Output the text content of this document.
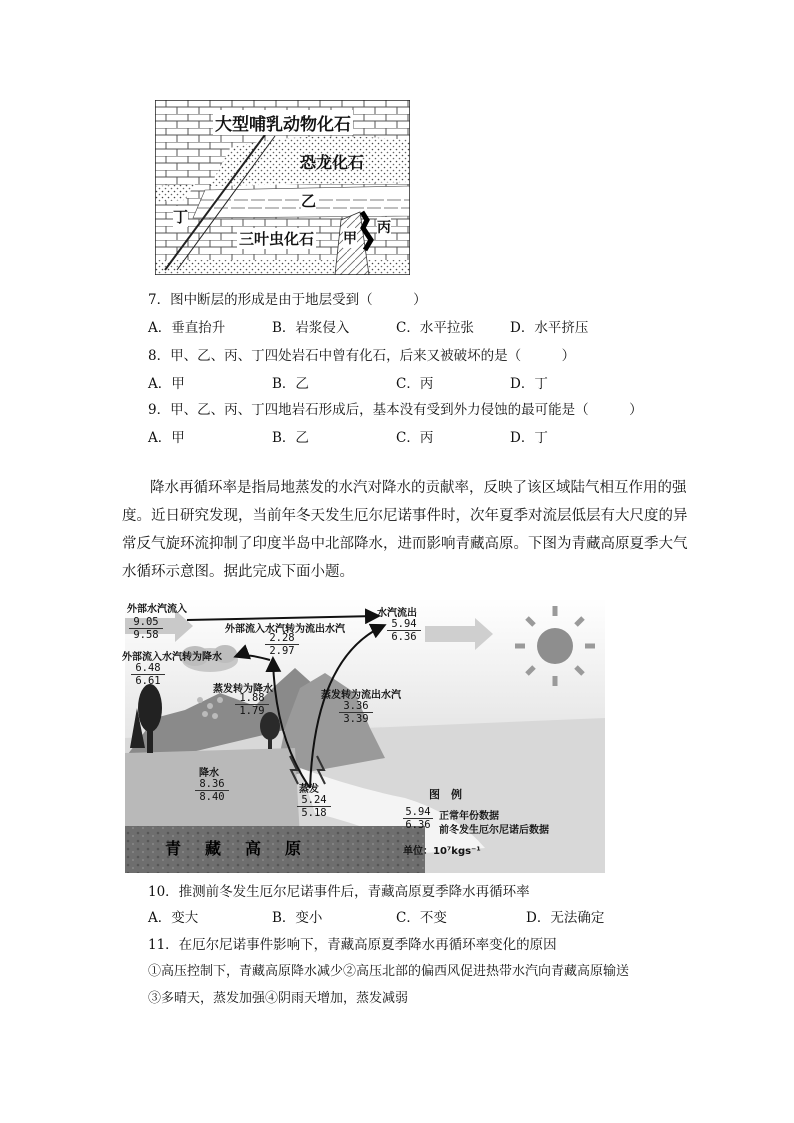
大型哺乳动物化石
恐龙化石
乙
丁
三叶虫化石 甲
丙
7．图中断层的形成是由于地层受到（　　　）
A．垂直抬升	B．岩浆侵入	C．水平拉张	D．水平挤压
8．甲、乙、丙、丁四处岩石中曾有化石，后来又被破坏的是（　　　）
A．甲	B．乙	C．丙	D．丁
9．甲、乙、丙、丁四地岩石形成后，基本没有受到外力侵蚀的最可能是（　　　）
A．甲	B．乙	C．丙	D．丁
降水再循环率是指局地蒸发的水汽对降水的贡献率，反映了该区域陆气相互作用的强度。近日研究发现，当前年冬天发生厄尔尼诺事件时，次年夏季对流层低层有大尺度的异常反气旋环流抑制了印度半岛中北部降水，进而影响青藏高原。下图为青藏高原夏季大气水循环示意图。据此完成下面小题。
外部水汽流入
9.05
9.58	外部流入水汽转为流出水汽
2.28
2.97
水汽流出
5.94
6.36
外部流入水汽转为降水
6.48
6.61
蒸发转为降水
1.88
1.79
蒸发转为流出水汽
3.36
3.39
降水
8.36
8.40
蒸发
5.24
5.18
青　藏　高　原
图　例
5.94
6.36
正常年份数据
前冬发生厄尔尼诺后数据
单位：10⁷kgs⁻¹
10．推测前冬发生厄尔尼诺事件后，青藏高原夏季降水再循环率
A．变大	B．变小	C．不变	D．无法确定
11．在厄尔尼诺事件影响下，青藏高原夏季降水再循环率变化的原因
①高压控制下，青藏高原降水减少②高压北部的偏西风促进热带水汽向青藏高原输送
③多晴天，蒸发加强④阴雨天增加，蒸发减弱
